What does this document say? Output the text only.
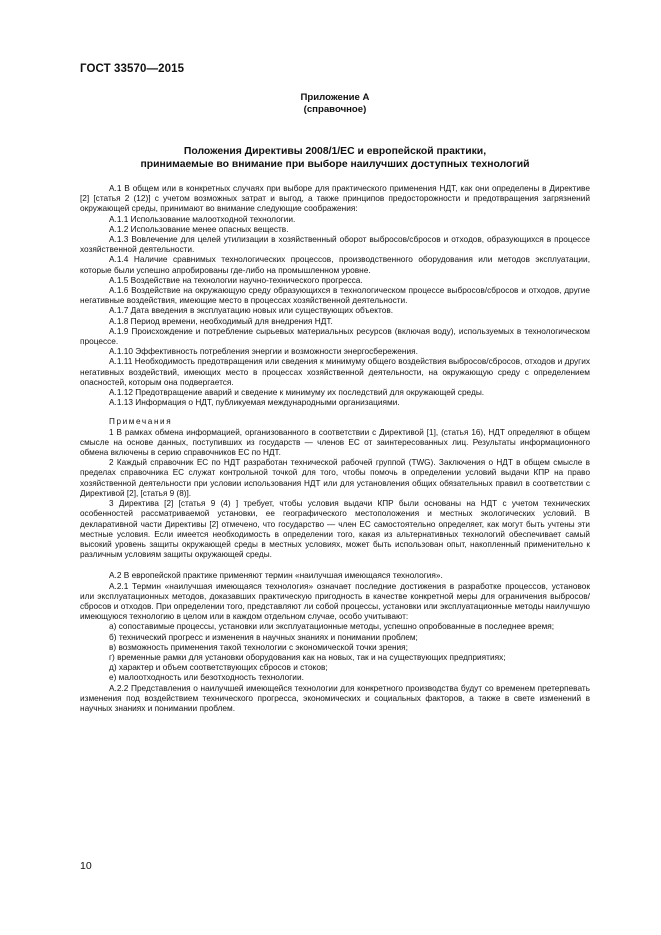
ГОСТ 33570—2015
Приложение А
(справочное)
Положения Директивы 2008/1/ЕС и европейской практики,
принимаемые во внимание при выборе наилучших доступных технологий

А.1 В общем или в конкретных случаях при выборе для практического применения НДТ, как они определены в Директиве [2] [статья 2 (12)] с учетом возможных затрат и выгод, а также принципов предосторожности и предотвращения загрязнений окружающей среды, принимают во внимание следующие соображения:

А.1.1 Использование малоотходной технологии.

А.1.2 Использование менее опасных веществ.

А.1.3 Вовлечение для целей утилизации в хозяйственный оборот выбросов/сбросов и отходов, образующихся в процессе хозяйственной деятельности.

А.1.4 Наличие сравнимых технологических процессов, производственного оборудования или методов эксплуатации, которые были успешно апробированы где-либо на промышленном уровне.

А.1.5 Воздействие на технологии научно-технического прогресса.

А.1.6 Воздействие на окружающую среду образующихся в технологическом процессе выбросов/сбросов и отходов, другие негативные воздействия, имеющие место в процессах хозяйственной деятельности.

А.1.7 Дата введения в эксплуатацию новых или существующих объектов.

А.1.8 Период времени, необходимый для внедрения НДТ.

А.1.9 Происхождение и потребление сырьевых материальных ресурсов (включая воду), используемых в технологическом процессе.

А.1.10 Эффективность потребления энергии и возможности энергосбережения.

А.1.11 Необходимость предотвращения или сведения к минимуму общего воздействия выбросов/сбросов, отходов и других негативных воздействий, имеющих место в процессах хозяйственной деятельности, на окружающую среду с определением опасностей, которым она подвергается.

А.1.12 Предотвращение аварий и сведение к минимуму их последствий для окружающей среды.

А.1.13 Информация о НДТ, публикуемая международными организациями.

Примечания

1 В рамках обмена информацией, организованного в соответствии с Директивой [1], (статья 16), НДТ определяют в общем смысле на основе данных, поступивших из государств — членов ЕС от заинтересованных лиц. Результаты информационного обмена включены в серию справочников ЕС по НДТ.

2 Каждый справочник ЕС по НДТ разработан технической рабочей группой (TWG). Заключения о НДТ в общем смысле в пределах справочника ЕС служат контрольной точкой для того, чтобы помочь в определении условий выдачи КПР на право хозяйственной деятельности при условии использования НДТ или для установления общих обязательных правил в соответствии с Директивой [2], [статья 9 (8)].

3 Директива [2] [статья 9 (4) ] требует, чтобы условия выдачи КПР были основаны на НДТ с учетом технических особенностей рассматриваемой установки, ее географического местоположения и местных экологических условий. В декларативной части Директивы [2] отмечено, что государство — член ЕС самостоятельно определяет, как могут быть учтены эти местные условия. Если имеется необходимость в определении того, какая из альтернативных технологий обеспечивает самый высокий уровень защиты окружающей среды в местных условиях, может быть использован опыт, накопленный применительно к различным условиям защиты окружающей среды.

А.2 В европейской практике применяют термин «наилучшая имеющаяся технология».

А.2.1 Термин «наилучшая имеющаяся технология» означает последние достижения в разработке процессов, установок или эксплуатационных методов, доказавших практическую пригодность в качестве конкретной меры для ограничения выбросов/сбросов и отходов. При определении того, представляют ли собой процессы, установки или эксплуатационные методы наилучшую имеющуюся технологию в целом или в каждом отдельном случае, особо учитывают:

а) сопоставимые процессы, установки или эксплуатационные методы, успешно опробованные в последнее время;

б) технический прогресс и изменения в научных знаниях и понимании проблем;

в) возможность применения такой технологии с экономической точки зрения;

г) временные рамки для установки оборудования как на новых, так и на существующих предприятиях;

д) характер и объем соответствующих сбросов и стоков;

е) малоотходность или безотходность технологии.

А.2.2 Представления о наилучшей имеющейся технологии для конкретного производства будут со временем претерпевать изменения под воздействием технического прогресса, экономических и социальных факторов, а также в свете изменений в научных знаниях и понимании проблем.

10
